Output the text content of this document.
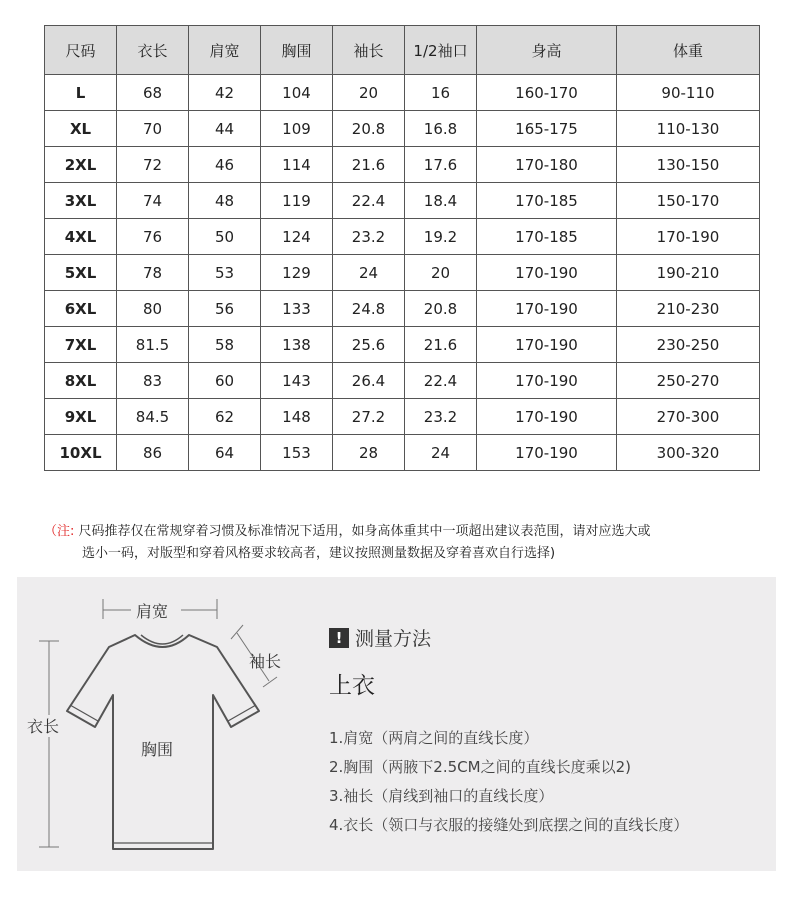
尺码	衣长	肩宽	胸围	袖长	1/2袖口	身高	体重
L	68	42	104	20	16	160-170	90-110
XL	70	44	109	20.8	16.8	165-175	110-130
2XL	72	46	114	21.6	17.6	170-180	130-150
3XL	74	48	119	22.4	18.4	170-185	150-170
4XL	76	50	124	23.2	19.2	170-185	170-190
5XL	78	53	129	24	20	170-190	190-210
6XL	80	56	133	24.8	20.8	170-190	210-230
7XL	81.5	58	138	25.6	21.6	170-190	230-250
8XL	83	60	143	26.4	22.4	170-190	250-270
9XL	84.5	62	148	27.2	23.2	170-190	270-300
10XL	86	64	153	28	24	170-190	300-320
（注: 尺码推荐仅在常规穿着习惯及标准情况下适用，如身高体重其中一项超出建议表范围，请对应选大或
选小一码，对版型和穿着风格要求较高者，建议按照测量数据及穿着喜欢自行选择)
肩宽
袖长
衣长
胸围
! 测量方法
上衣
1.肩宽（两肩之间的直线长度）
2.胸围（两腋下2.5CM之间的直线长度乘以2)
3.袖长（肩线到袖口的直线长度）
4.衣长（领口与衣服的接缝处到底摆之间的直线长度）
